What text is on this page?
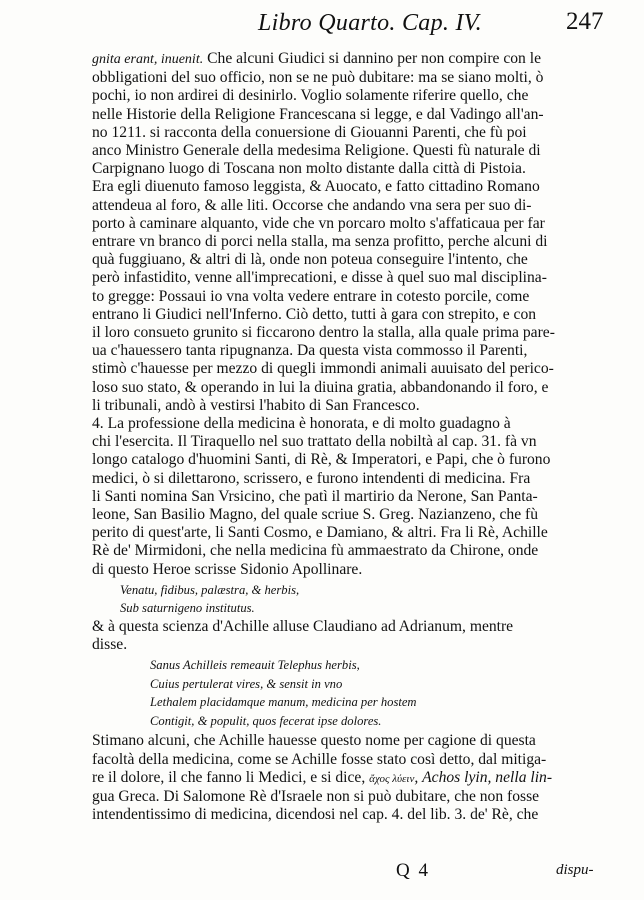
Libro Quarto. Cap. IV.	247

gnita erant, inuenit. Che alcuni Giudici si dannino per non compire con le
obbligationi del suo officio, non se ne può dubitare: ma se siano molti, ò
pochi, io non ardirei di desinirlo. Voglio solamente riferire quello, che
nelle Historie della Religione Francescana si legge, e dal Vadingo all'an-
no 1211. si racconta della conuersione di Giouanni Parenti, che fù poi
anco Ministro Generale della medesima Religione. Questi fù naturale di
Carpignano luogo di Toscana non molto distante dalla città di Pistoia.
Era egli diuenuto famoso leggista, & Auocato, e fatto cittadino Romano
attendeua al foro, & alle liti. Occorse che andando vna sera per suo di-
porto à caminare alquanto, vide che vn porcaro molto s'affaticaua per far
entrare vn branco di porci nella stalla, ma senza profitto, perche alcuni di
quà fuggiuano, & altri di là, onde non poteua conseguire l'intento, che
però infastidito, venne all'imprecationi, e disse à quel suo mal disciplina-
to gregge: Possaui io vna volta vedere entrare in cotesto porcile, come
entrano li Giudici nell'Inferno. Ciò detto, tutti à gara con strepito, e con
il loro consueto grunito si ficcarono dentro la stalla, alla quale prima pare-
ua c'hauessero tanta ripugnanza. Da questa vista commosso il Parenti,
stimò c'hauesse per mezzo di quegli immondi animali auuisato del perico-
loso suo stato, & operando in lui la diuina gratia, abbandonando il foro, e
li tribunali, andò à vestirsi l'habito di San Francesco.

4. La professione della medicina è honorata, e di molto guadagno à
chi l'esercita. Il Tiraquello nel suo trattato della nobiltà al cap. 31. fà vn
longo catalogo d'huomini Santi, di Rè, & Imperatori, e Papi, che ò furono
medici, ò si dilettarono, scrissero, e furono intendenti di medicina. Fra
li Santi nomina San Vrsicino, che patì il martirio da Nerone, San Panta-
leone, San Basilio Magno, del quale scriue S. Greg. Nazianzeno, che fù
perito di quest'arte, li Santi Cosmo, e Damiano, & altri. Fra li Rè, Achille
Rè de' Mirmidoni, che nella medicina fù ammaestrato da Chirone, onde
di questo Heroe scrisse Sidonio Apollinare.

Venatu, fidibus, palæstra, & herbis,
Sub saturnigeno institutus.

& à questa scienza d'Achille alluse Claudiano ad Adrianum, mentre
disse.

Sanus Achilleis remeauit Telephus herbis,
Cuius pertulerat vires, & sensit in vno
Lethalem placidamque manum, medicina per hostem
Contigit, & populit, quos fecerat ipse dolores.

Stimano alcuni, che Achille hauesse questo nome per cagione di questa
facoltà della medicina, come se Achille fosse stato così detto, dal mitiga-
re il dolore, il che fanno li Medici, e si dice, ἄχος λύειν, Achos lyin, nella lin-
gua Greca. Di Salomone Rè d'Israele non si può dubitare, che non fosse
intendentissimo di medicina, dicendosi nel cap. 4. del lib. 3. de' Rè, che

Q 4	dispu-
